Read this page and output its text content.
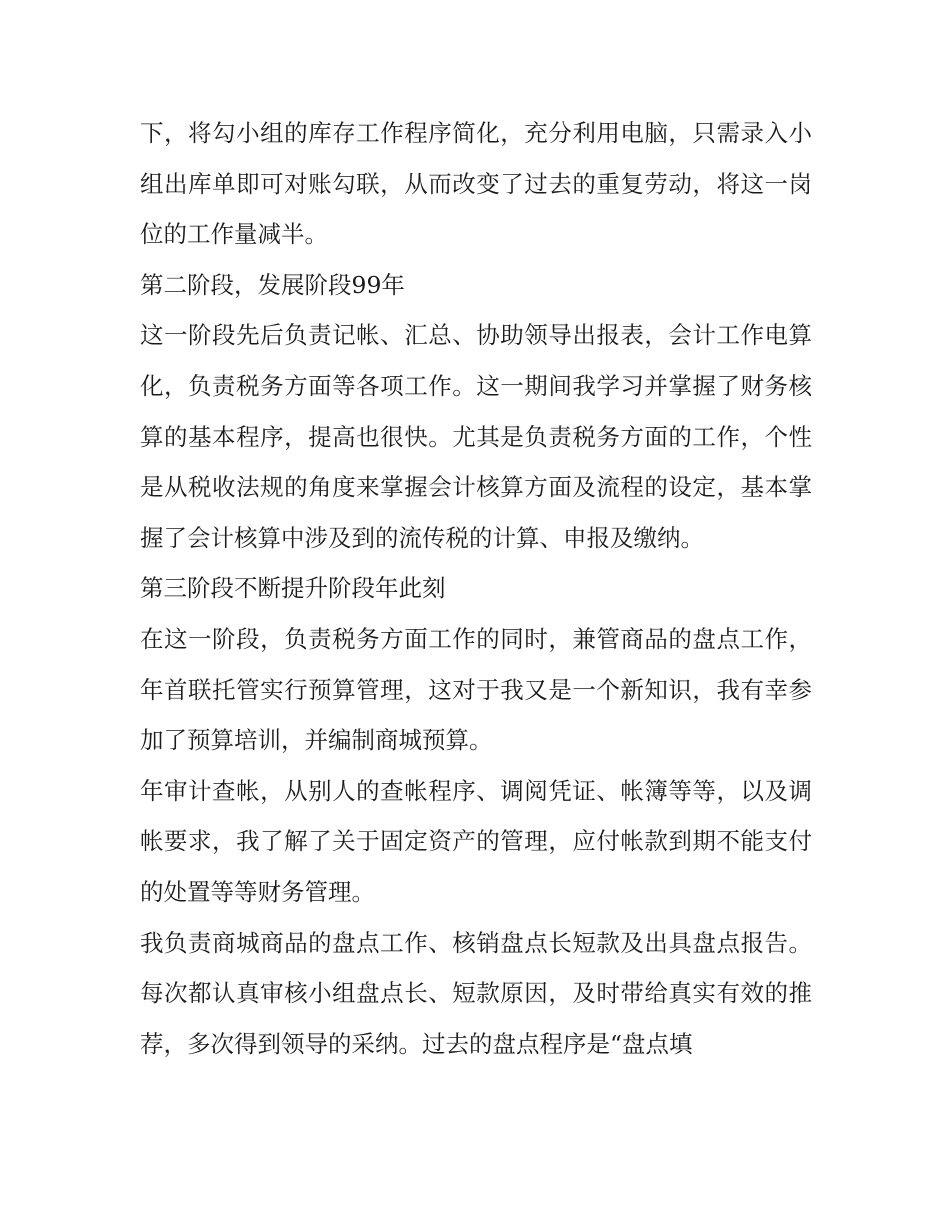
下，将勾小组的库存工作程序简化，充分利用电脑，只需录入小组出库单即可对账勾联，从而改变了过去的重复劳动，将这一岗位的工作量减半。

第二阶段，发展阶段99年

这一阶段先后负责记帐、汇总、协助领导出报表，会计工作电算化，负责税务方面等各项工作。这一期间我学习并掌握了财务核算的基本程序，提高也很快。尤其是负责税务方面的工作，个性是从税收法规的角度来掌握会计核算方面及流程的设定，基本掌握了会计核算中涉及到的流传税的计算、申报及缴纳。

第三阶段不断提升阶段年此刻

在这一阶段，负责税务方面工作的同时，兼管商品的盘点工作，年首联托管实行预算管理，这对于我又是一个新知识，我有幸参加了预算培训，并编制商城预算。

年审计查帐，从别人的查帐程序、调阅凭证、帐簿等等，以及调帐要求，我了解了关于固定资产的管理，应付帐款到期不能支付的处置等等财务管理。

我负责商城商品的盘点工作、核销盘点长短款及出具盘点报告。每次都认真审核小组盘点长、短款原因，及时带给真实有效的推荐，多次得到领导的采纳。过去的盘点程序是“盘点填
